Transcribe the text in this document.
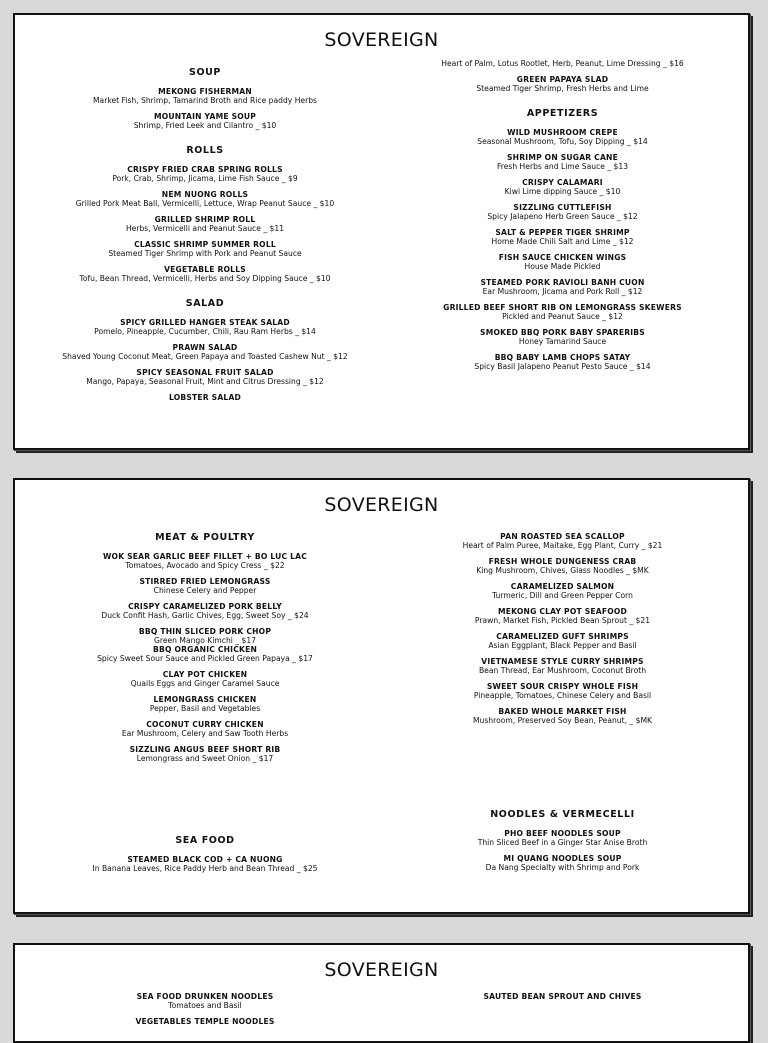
SOVEREIGN
SOUP
MEKONG FISHERMAN
Market Fish, Shrimp, Tamarind Broth and Rice paddy Herbs
MOUNTAIN YAME SOUP
Shrimp, Fried Leek and Cilantro _ $10
ROLLS
CRISPY FRIED CRAB SPRING ROLLS
Pork, Crab, Shrimp, Jicama, Lime Fish Sauce _ $9
NEM NUONG ROLLS
Grilled Pork Meat Ball, Vermicelli, Lettuce, Wrap Peanut Sauce _ $10
GRILLED SHRIMP ROLL
Herbs, Vermicelli and Peanut Sauce _ $11
CLASSIC SHRIMP SUMMER ROLL
Steamed Tiger Shrimp with Pork and Peanut Sauce
VEGETABLE ROLLS
Tofu, Bean Thread, Vermicelli, Herbs and Soy Dipping Sauce _ $10
SALAD
SPICY GRILLED HANGER STEAK SALAD
Pomelo, Pineapple, Cucumber, Chili, Rau Ram Herbs _ $14
PRAWN SALAD
Shaved Young Coconut Meat, Green Papaya and Toasted Cashew Nut _ $12
SPICY SEASONAL FRUIT SALAD
Mango, Papaya, Seasonal Fruit, Mint and Citrus Dressing _ $12
LOBSTER SALAD
Heart of Palm, Lotus Rootlet, Herb, Peanut, Lime Dressing _ $16
GREEN PAPAYA SLAD
Steamed Tiger Shrimp, Fresh Herbs and Lime
APPETIZERS
WILD MUSHROOM CREPE
Seasonal Mushroom, Tofu, Soy Dipping _ $14
SHRIMP ON SUGAR CANE
Fresh Herbs and Lime Sauce _ $13
CRISPY CALAMARI
Kiwi Lime dipping Sauce _ $10
SIZZLING CUTTLEFISH
Spicy Jalapeno Herb Green Sauce _ $12
SALT & PEPPER TIGER SHRIMP
Home Made Chili Salt and Lime _ $12
FISH SAUCE CHICKEN WINGS
House Made Pickled
STEAMED PORK RAVIOLI BANH CUON
Ear Mushroom, Jicama and Pork Roll _ $12
GRILLED BEEF SHORT RIB ON LEMONGRASS SKEWERS
Pickled and Peanut Sauce _ $12
SMOKED BBQ PORK BABY SPARERIBS
Honey Tamarind Sauce
BBQ BABY LAMB CHOPS SATAY
Spicy Basil Jalapeno Peanut Pesto Sauce _ $14
SOVEREIGN
MEAT & POULTRY
WOK SEAR GARLIC BEEF FILLET + BO LUC LAC
Tomatoes, Avocado and Spicy Cress _ $22
STIRRED FRIED LEMONGRASS
Chinese Celery and Pepper
CRISPY CARAMELIZED PORK BELLY
Duck Confit Hash, Garlic Chives, Egg, Sweet Soy _ $24
BBQ THIN SLICED PORK CHOP
Green Mango Kimchi _ $17
BBQ ORGANIC CHICKEN
Spicy Sweet Sour Sauce and Pickled Green Papaya _ $17
CLAY POT CHICKEN
Quails Eggs and Ginger Caramel Sauce
LEMONGRASS CHICKEN
Pepper, Basil and Vegetables
COCONUT CURRY CHICKEN
Ear Mushroom, Celery and Saw Tooth Herbs
SIZZLING ANGUS BEEF SHORT RIB
Lemongrass and Sweet Onion _ $17
SEA FOOD
STEAMED BLACK COD + CA NUONG
In Banana Leaves, Rice Paddy Herb and Bean Thread _ $25
PAN ROASTED SEA SCALLOP
Heart of Palm Puree, Maitake, Egg Plant, Curry _ $21
FRESH WHOLE DUNGENESS CRAB
King Mushroom, Chives, Glass Noodles _ $MK
CARAMELIZED SALMON
Turmeric, Dill and Green Pepper Corn
MEKONG CLAY POT SEAFOOD
Prawn, Market Fish, Pickled Bean Sprout _ $21
CARAMELIZED GUFT SHRIMPS
Asian Eggplant, Black Pepper and Basil
VIETNAMESE STYLE CURRY SHRIMPS
Bean Thread, Ear Mushroom, Coconut Broth
SWEET SOUR CRISPY WHOLE FISH
Pineapple, Tomatoes, Chinese Celery and Basil
BAKED WHOLE MARKET FISH
Mushroom, Preserved Soy Bean, Peanut, _ $MK
NOODLES & VERMECELLI
PHO BEEF NOODLES SOUP
Thin Sliced Beef in a Ginger Star Anise Broth
MI QUANG NOODLES SOUP
Da Nang Specialty with Shrimp and Pork
SOVEREIGN
SEA FOOD DRUNKEN NOODLES
Tomatoes and Basil
VEGETABLES TEMPLE NOODLES
SAUTED BEAN SPROUT AND CHIVES
